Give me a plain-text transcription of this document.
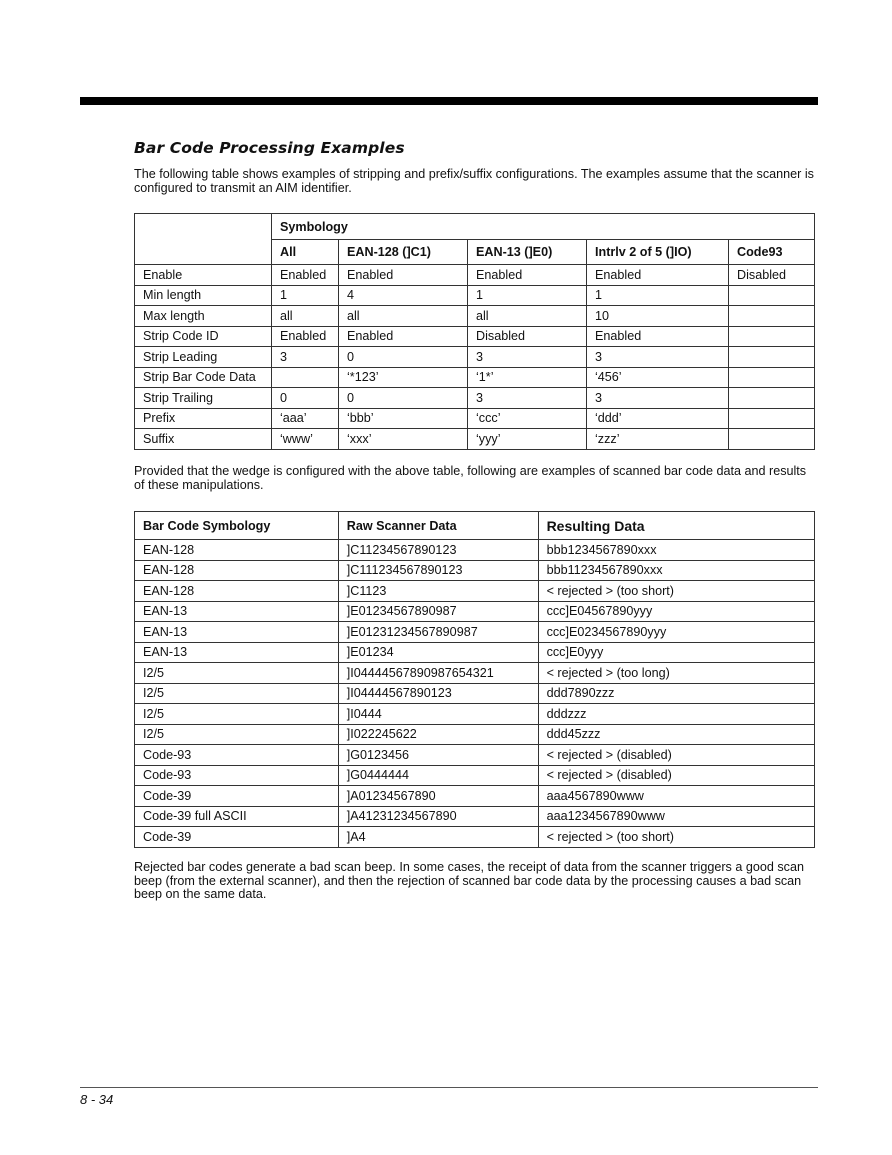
Bar Code Processing Examples

The following table shows examples of stripping and prefix/suffix configurations. The examples assume that the scanner is configured to transmit an AIM identifier.

	Symbology				
	All	EAN-128 (]C1)	EAN-13 (]E0)	Intrlv 2 of 5 (]IO)	Code93
Enable	Enabled	Enabled	Enabled	Enabled	Disabled
Min length	1	4	1	1	
Max length	all	all	all	10	
Strip Code ID	Enabled	Enabled	Disabled	Enabled	
Strip Leading	3	0	3	3	
Strip Bar Code Data		‘*123’	‘1*’	‘456’	
Strip Trailing	0	0	3	3	
Prefix	‘aaa’	‘bbb’	‘ccc’	‘ddd’	
Suffix	‘www’	‘xxx’	‘yyy’	‘zzz’	

Provided that the wedge is configured with the above table, following are examples of scanned bar code data and results of these manipulations.

Bar Code Symbology	Raw Scanner Data	Resulting Data
EAN-128	]C11234567890123	bbb1234567890xxx
EAN-128	]C111234567890123	bbb11234567890xxx
EAN-128	]C1123	< rejected > (too short)
EAN-13	]E01234567890987	ccc]E04567890yyy
EAN-13	]E01231234567890987	ccc]E0234567890yyy
EAN-13	]E01234	ccc]E0yyy
I2/5	]I04444567890987654321	< rejected > (too long)
I2/5	]I04444567890123	ddd7890zzz
I2/5	]I0444	dddzzz
I2/5	]I022245622	ddd45zzz
Code-93	]G0123456	< rejected > (disabled)
Code-93	]G0444444	< rejected > (disabled)
Code-39	]A01234567890	aaa4567890www
Code-39 full ASCII	]A41231234567890	aaa1234567890www
Code-39	]A4	< rejected > (too short)

Rejected bar codes generate a bad scan beep. In some cases, the receipt of data from the scanner triggers a good scan beep (from the external scanner), and then the rejection of scanned bar code data by the processing causes a bad scan beep on the same data.

8 - 34
